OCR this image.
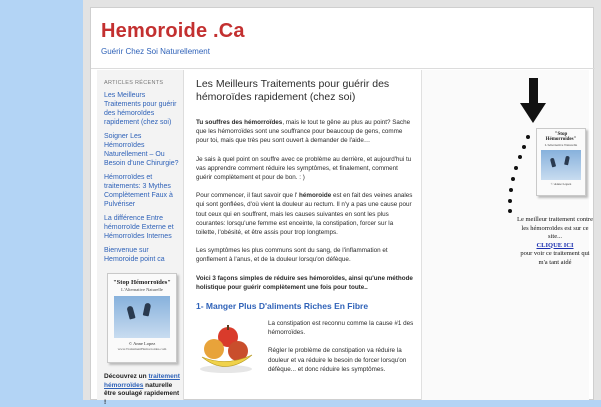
Hemoroide .Ca
Guérir Chez Soi Naturellement
ARTICLES RÉCENTS
Les Meilleurs Traitements pour guérir des hémoroïdes rapidement (chez soi)
Soigner Les Hémorroïdes Naturellement – Ou Besoin d'une Chirurgie?
Hémorroïdes et traitements: 3 Mythes Complètement Faux à Pulvériser
La différence Entre hémorroïde Externe et Hémorroïdes Internes
Bienvenue sur Hemoroide point ca
"Stop Hémorroïdes"
L'Alternative Naturelle
© Anne Lopez
www.TraitementHemorroides.com
Découvrez un traitement hémorroïdes naturelle être soulagé rapidement !
Les Meilleurs Traitements pour guérir des hémoroïdes rapidement (chez soi)

Tu souffres des hémorroïdes, mais le tout te gêne au plus au point? Sache que les hémorroïdes sont une souffrance pour beaucoup de gens, comme pour toi, mais que très peu sont ouvert à demander de l'aide…

Je sais à quel point on souffre avec ce problème au derrière, et aujourd'hui tu vas apprendre comment réduire les symptômes, et finalement, comment guérir complètement et pour de bon. : )

Pour commencer, il faut savoir que l' hémoroide est en fait des veines anales qui sont gonflées, d'où vient la douleur au rectum. Il n'y a pas une cause pour tout ceux qui en souffrent, mais les causes suivantes en sont les plus courantes: lorsqu'une femme est enceinte, la constipation, forcer sur la toilette, l'obésité, et être assis pour trop longtemps.

Les symptômes les plus communs sont du sang, de l'inflammation et gonflement à l'anus, et de la douleur lorsqu'on défèque.

Voici 3 façons simples de réduire ses hémoroïdes, ainsi qu'une méthode holistique pour guérir complètement une fois pour toute..

1- Manger Plus D'aliments Riches En Fibre

La constipation est reconnu comme la cause #1 des hémorroïdes.

Régler le problème de constipation va réduire la douleur et va réduire le besoin de forcer lorsqu'on défèque... et donc réduire les symptômes.

"Stop Hémorroïdes"
L'Alternative Naturelle
© Anne Lopez
Le meilleur traitement contre les hémorroïdes est sur ce site...
CLIQUE ICI
pour voir ce traitement qui m'a tant aidé
